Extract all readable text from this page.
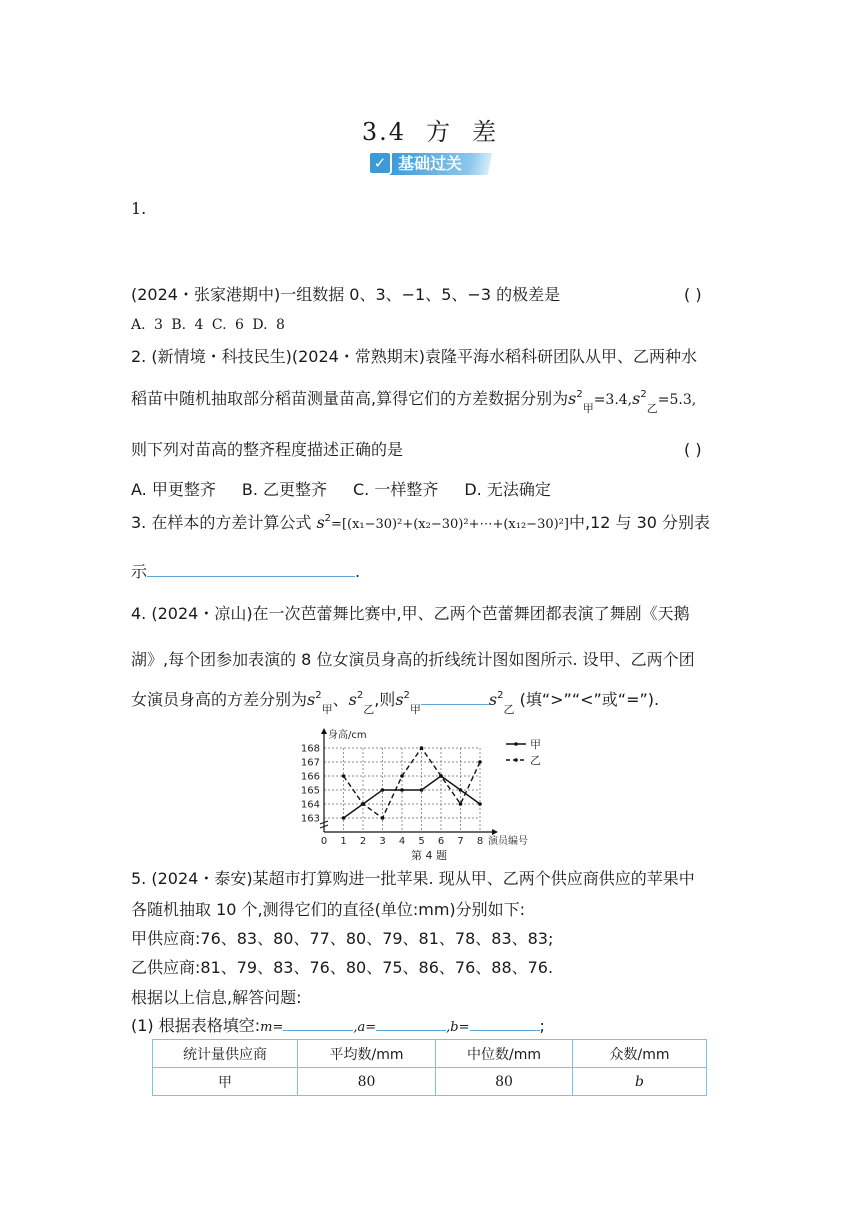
3.4 方 差
✓ 基础过关
1.
(2024・张家港期中)一组数据 0、3、−1、5、−3 的极差是	( )
A. 3 B. 4 C. 6 D. 8
2. (新情境・科技民生)(2024・常熟期末)袁隆平海水稻科研团队从甲、乙两种水
稻苗中随机抽取部分稻苗测量苗高,算得它们的方差数据分别为$s^2_甲=3.4,s^2_乙=5.3$,
则下列对苗高的整齐程度描述正确的是	( )
A. 甲更整齐 B. 乙更整齐 C. 一样整齐 D. 无法确定
3. 在样本的方差计算公式 $s^2=[(x_1-30)^2+(x_2-30)^2+\cdots+(x_{12}-30)^2]$中,12 与 30 分别表
示	.
4. (2024・凉山)在一次芭蕾舞比赛中,甲、乙两个芭蕾舞团都表演了舞剧《天鹅
湖》,每个团参加表演的 8 位女演员身高的折线统计图如图所示. 设甲、乙两个团
女演员身高的方差分别为$s^2_甲$、$s^2_乙$,则$s^2_甲s^2_乙$ (填“>”“<”或“=”).
163
164
165
166
167
168
0 1 2 3 4 5 6 7 8
身高/cm
演员编号
甲
乙
第 4 题
5. (2024・泰安)某超市打算购进一批苹果. 现从甲、乙两个供应商供应的苹果中
各随机抽取 10 个,测得它们的直径(单位:mm)分别如下:
甲供应商:76、83、80、77、80、79、81、78、83、83;
乙供应商:81、79、83、76、80、75、86、76、88、76.
根据以上信息,解答问题:
(1) 根据表格填空:m=	,a=	,b=	;
统计量供应商	平均数/mm	中位数/mm	众数/mm
甲	80	80	b
